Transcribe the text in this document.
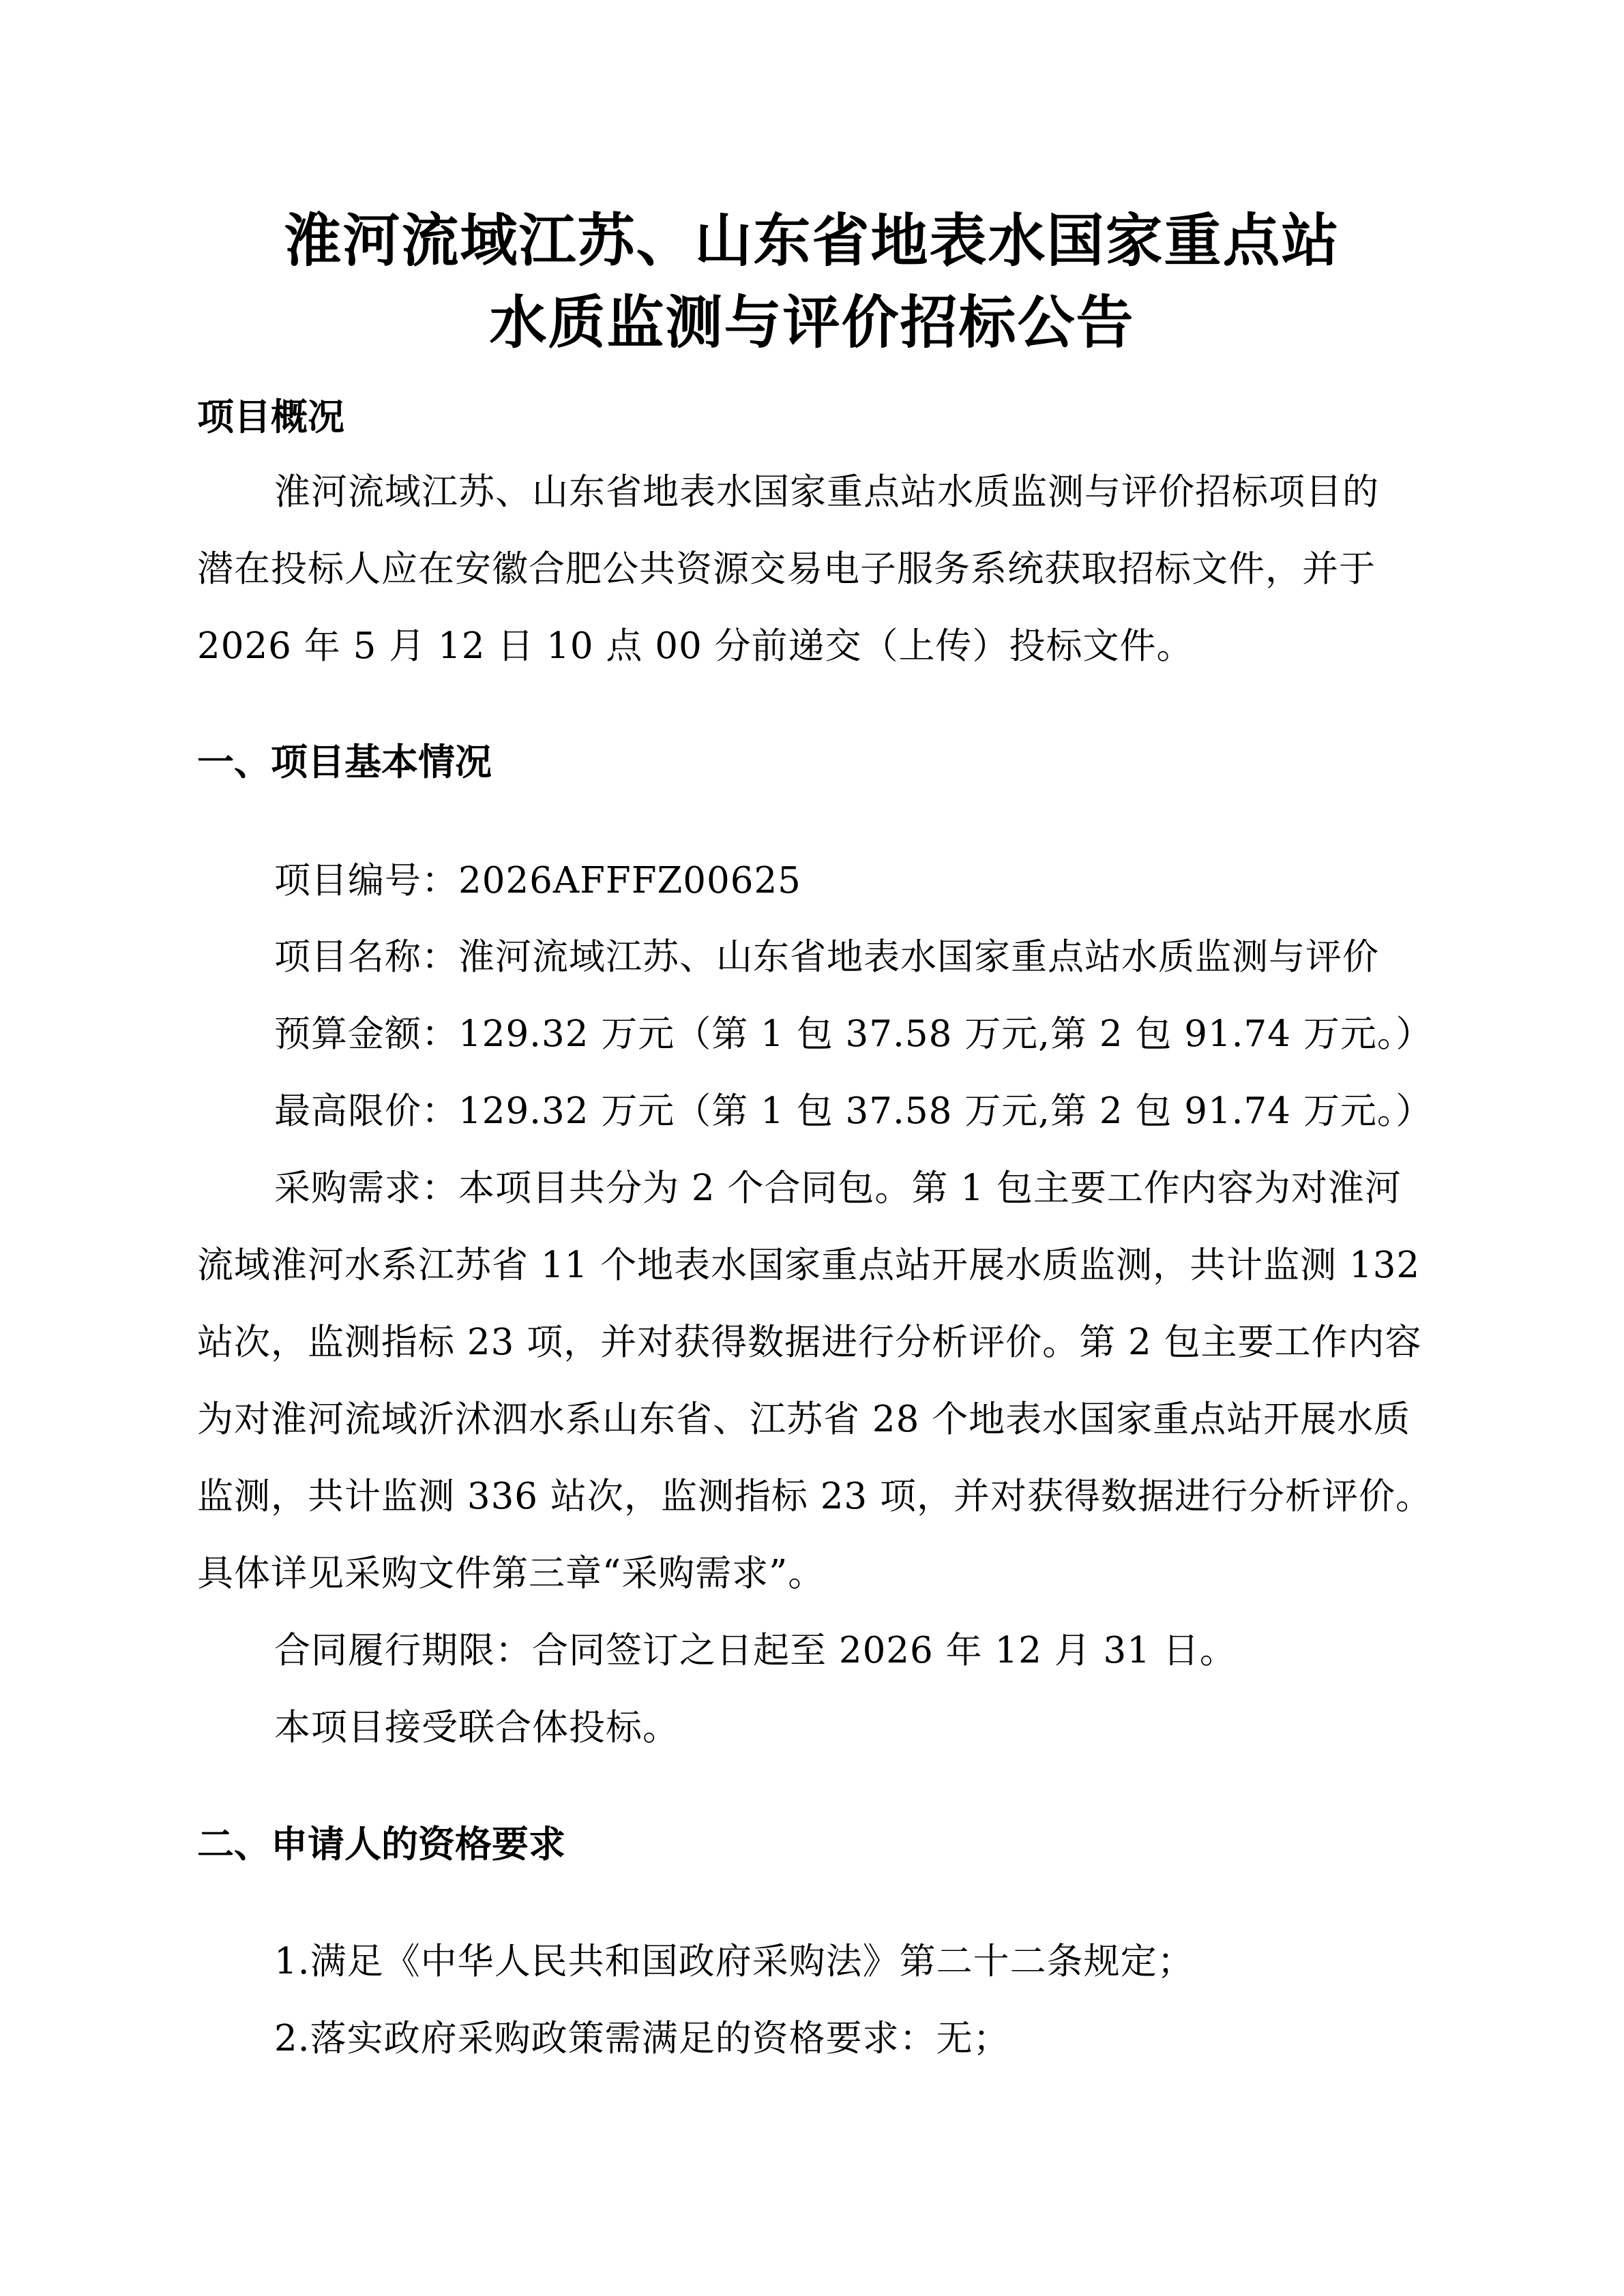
淮河流域江苏、山东省地表水国家重点站
水质监测与评价招标公告
项目概况
淮河流域江苏、山东省地表水国家重点站水质监测与评价招标项目的
潜在投标人应在安徽合肥公共资源交易电子服务系统获取招标文件，并于
2026 年 5 月 12 日 10 点 00 分前递交（上传）投标文件。
一、项目基本情况
项目编号：2026AFFFZ00625
项目名称：淮河流域江苏、山东省地表水国家重点站水质监测与评价
预算金额：129.32 万元（第 1 包 37.58 万元,第 2 包 91.74 万元。）
最高限价：129.32 万元（第 1 包 37.58 万元,第 2 包 91.74 万元。）
采购需求：本项目共分为 2 个合同包。第 1 包主要工作内容为对淮河
流域淮河水系江苏省 11 个地表水国家重点站开展水质监测，共计监测 132
站次，监测指标 23 项，并对获得数据进行分析评价。第 2 包主要工作内容
为对淮河流域沂沭泗水系山东省、江苏省 28 个地表水国家重点站开展水质
监测，共计监测 336 站次，监测指标 23 项，并对获得数据进行分析评价。
具体详见采购文件第三章“采购需求”。
合同履行期限：合同签订之日起至 2026 年 12 月 31 日。
本项目接受联合体投标。
二、申请人的资格要求
1.满足《中华人民共和国政府采购法》第二十二条规定；
2.落实政府采购政策需满足的资格要求：无；
